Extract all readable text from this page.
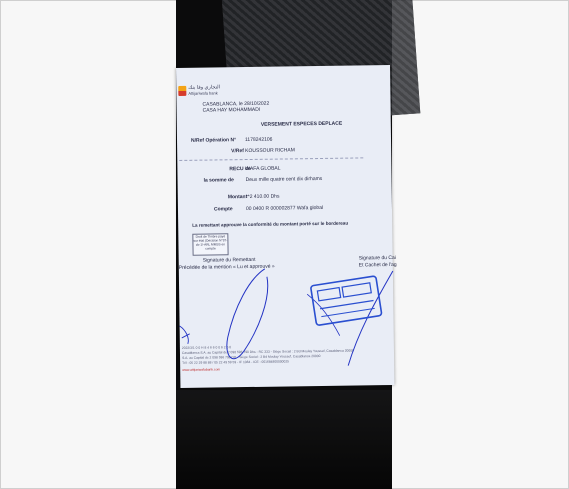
التجاري وفا بنك
Attijariwafa bank
CASABLANCA, le 28/10/2022
CASA HAY MOHAMMADI
VERSEMENT ESPECES DEPLACE
N/Ref Opération N° 1178242106
V/Ref KOUSSOUR RICHAM
RECU de
WAFA GLOBAL
la somme de Deux mille quatre cent dix dirhams
Montant
**2 410.00 Dhs
Compte	00 0400 R 000002877 Wafa global
La remettant approuve la conformité du montant porté sur le bordereau
Droit de Timbre payé sur état (Décision N°87-dc-1/-ARL MMSS en compte
Signature du Remettant
Précédée de la mention « Lu et approuvé »
Signature du Cai
Et Cachet de l'ag
2022/3/1 0 0 H 8 4 6 6 0 0 6 2 0 0
Casablanca S.A. au Capital de 2 098 596 790 Dhs - RC 333 - Siège Social : 2 Bd Moulay Youssef, Casablanca 20000
S.A. au Capital de 2 098 596 790 DH - Siège Social : 2 Bd Moulay Youssef, Casablanca 20000
Tél : 05 22 29 88 88 / 05 22 49 59 59 - IF 1084 - ICE : 001684800000025
www.attijariwafabank.com
